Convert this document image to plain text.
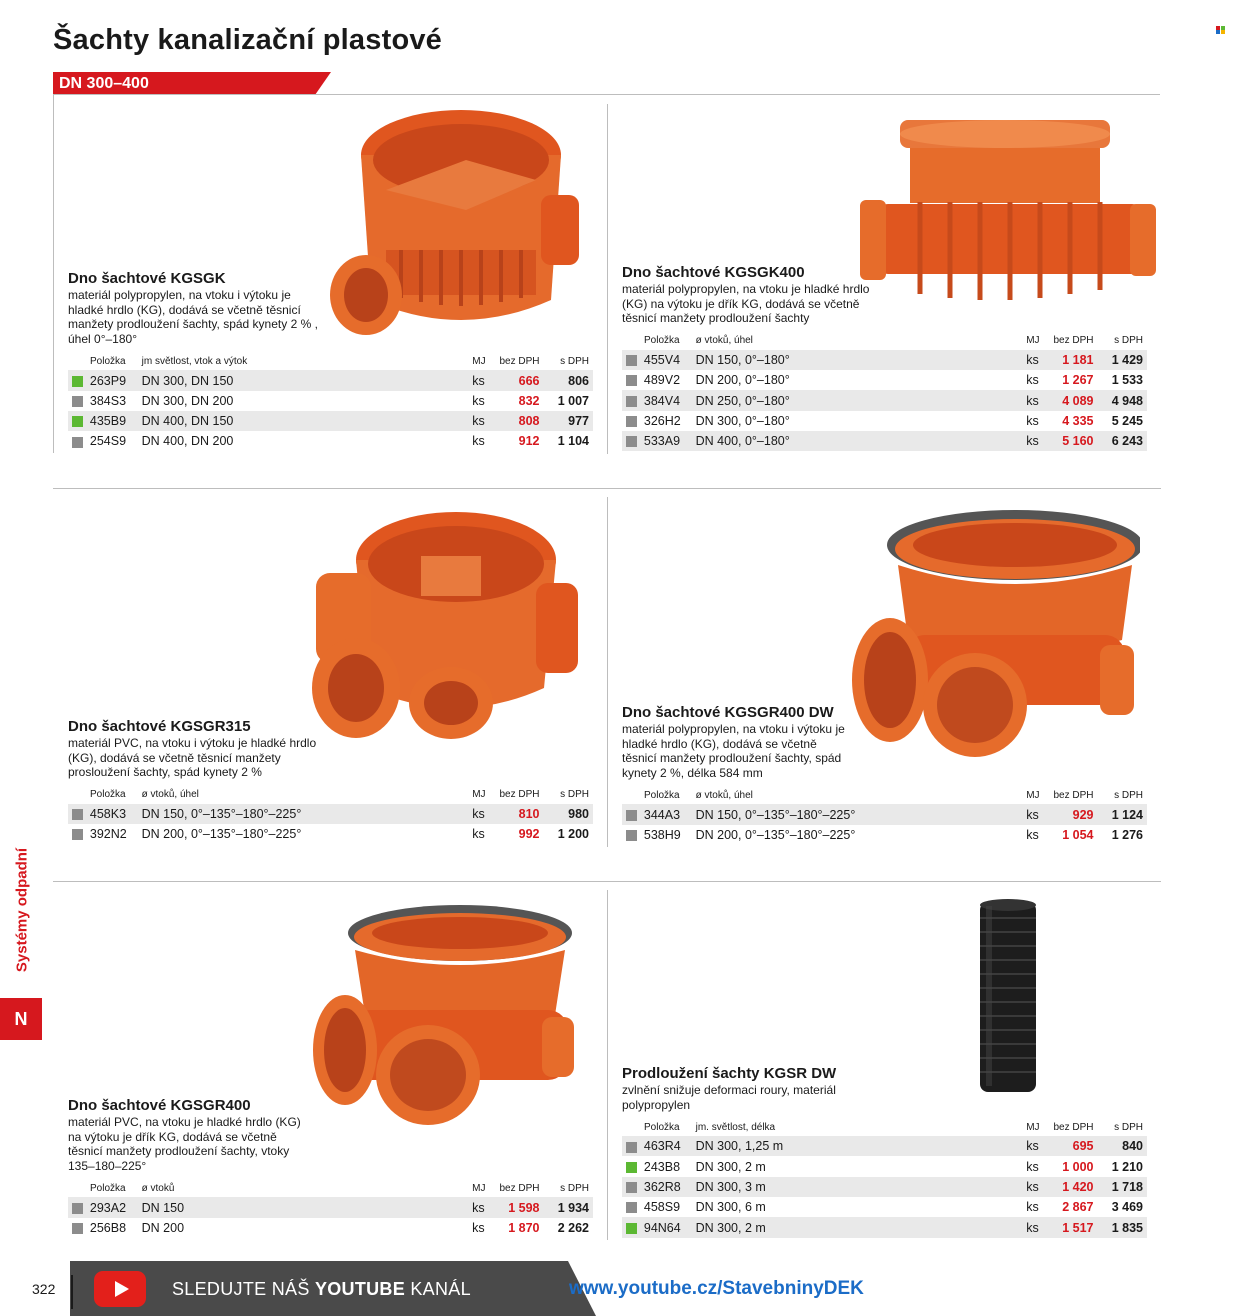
Šachty kanalizační plastové
DN 300–400
Dno šachtové KGSGK
materiál polypropylen, na vtoku i výtoku je hladké hrdlo (KG), dodává se včetně těsnicí manžety prodloužení šachty, spád kynety 2 % , úhel 0°–180°
Položka		jm světlost, vtok a výtok	MJ	bez DPH	s DPH
	263P9	DN 300, DN 150	ks	666	806
	384S3	DN 300, DN 200	ks	832	1 007
	435B9	DN 400, DN 150	ks	808	977
	254S9	DN 400, DN 200	ks	912	1 104
Dno šachtové KGSGK400
materiál polypropylen, na vtoku je hladké hrdlo (KG) na výtoku je dřík KG, dodává se včetně těsnicí manžety prodloužení šachty
Položka		ø vtoků, úhel	MJ	bez DPH	s DPH
	455V4	DN 150, 0°–180°	ks	1 181	1 429
	489V2	DN 200, 0°–180°	ks	1 267	1 533
	384V4	DN 250, 0°–180°	ks	4 089	4 948
	326H2	DN 300, 0°–180°	ks	4 335	5 245
	533A9	DN 400, 0°–180°	ks	5 160	6 243
Dno šachtové KGSGR315
materiál PVC, na vtoku i výtoku je hladké hrdlo (KG), dodává se včetně těsnicí manžety prosloužení šachty, spád kynety 2 %
Položka		ø vtoků, úhel	MJ	bez DPH	s DPH
	458K3	DN 150, 0°–135°–180°–225°	ks	810	980
	392N2	DN 200, 0°–135°–180°–225°	ks	992	1 200
Dno šachtové KGSGR400 DW
materiál polypropylen, na vtoku i výtoku je hladké hrdlo (KG), dodává se včetně těsnicí manžety prodloužení šachty, spád kynety 2 %, délka 584 mm
Položka		ø vtoků, úhel	MJ	bez DPH	s DPH
	344A3	DN 150, 0°–135°–180°–225°	ks	929	1 124
	538H9	DN 200, 0°–135°–180°–225°	ks	1 054	1 276
Dno šachtové KGSGR400
materiál PVC, na vtoku je hladké hrdlo (KG) na výtoku je dřík KG, dodává se včetně těsnicí manžety prodloužení šachty, vtoky 135–180–225°
Položka		ø vtoků	MJ	bez DPH	s DPH
	293A2	DN 150	ks	1 598	1 934
	256B8	DN 200	ks	1 870	2 262
Prodloužení šachty KGSR DW
zvlnění snižuje deformaci roury, materiál polypropylen
Položka		jm. světlost, délka	MJ	bez DPH	s DPH
	463R4	DN 300, 1,25 m	ks	695	840
	243B8	DN 300, 2 m	ks	1 000	1 210
	362R8	DN 300, 3 m	ks	1 420	1 718
	458S9	DN 300, 6 m	ks	2 867	3 469
	94N64	DN 300, 2 m	ks	1 517	1 835
Systémy odpadní
N
322	SLEDUJTE NÁŠ YOUTUBE KANÁL	www.youtube.cz/StavebninyDEK
